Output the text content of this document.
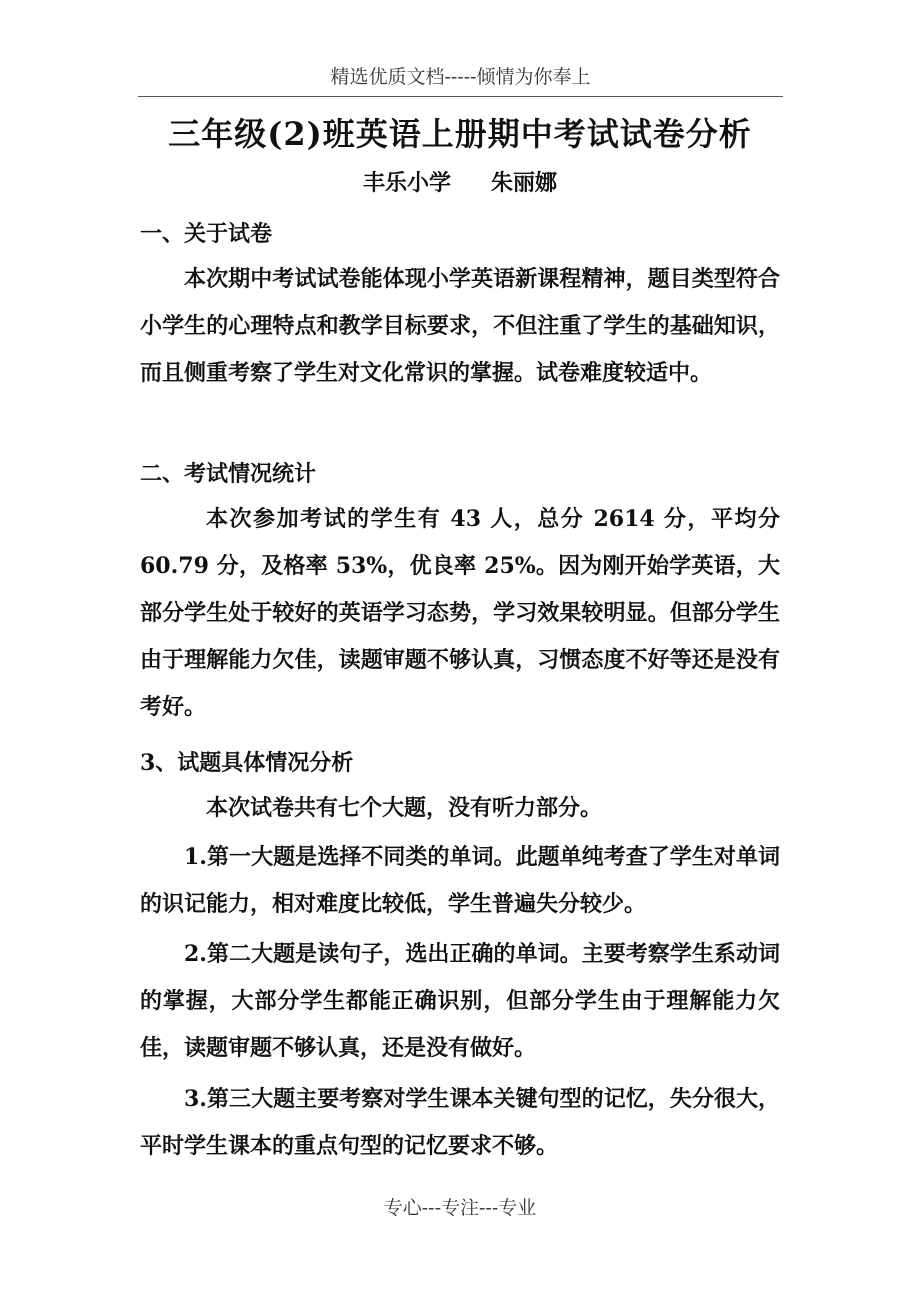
精选优质文档-----倾情为你奉上
三年级(2)班英语上册期中考试试卷分析
丰乐小学 朱丽娜
一、关于试卷
本次期中考试试卷能体现小学英语新课程精神，题目类型符合小学生的心理特点和教学目标要求，不但注重了学生的基础知识，而且侧重考察了学生对文化常识的掌握。试卷难度较适中。
二、考试情况统计
本次参加考试的学生有 43 人，总分 2614 分，平均分 60.79 分，及格率 53%，优良率 25%。因为刚开始学英语，大部分学生处于较好的英语学习态势，学习效果较明显。但部分学生由于理解能力欠佳，读题审题不够认真，习惯态度不好等还是没有考好。
3、试题具体情况分析
本次试卷共有七个大题，没有听力部分。
1.第一大题是选择不同类的单词。此题单纯考查了学生对单词的识记能力，相对难度比较低，学生普遍失分较少。
2.第二大题是读句子，选出正确的单词。主要考察学生系动词的掌握，大部分学生都能正确识别，但部分学生由于理解能力欠佳，读题审题不够认真，还是没有做好。
3.第三大题主要考察对学生课本关键句型的记忆，失分很大，平时学生课本的重点句型的记忆要求不够。
专心---专注---专业
